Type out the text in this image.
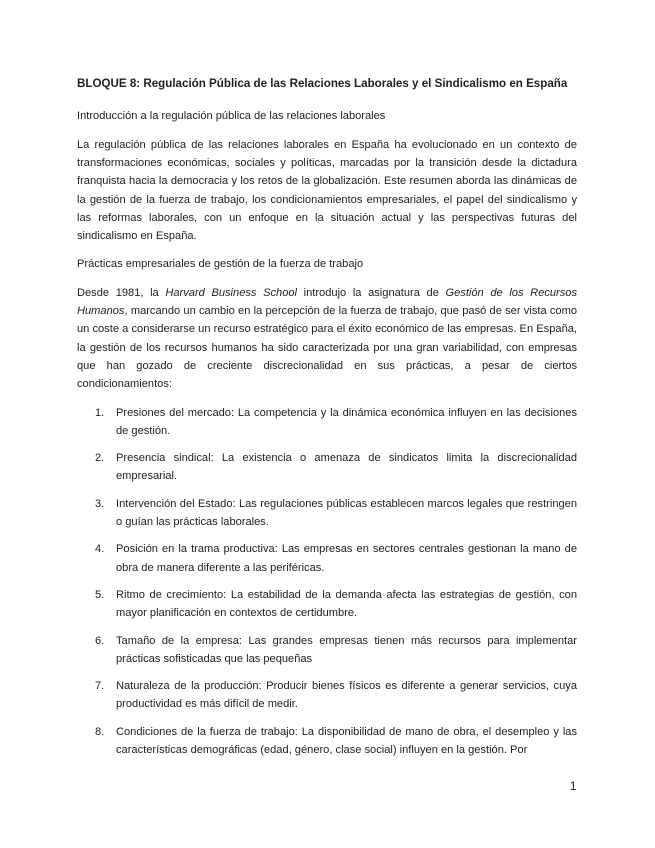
BLOQUE 8: Regulación Pública de las Relaciones Laborales y el Sindicalismo en España
Introducción a la regulación pública de las relaciones laborales

La regulación pública de las relaciones laborales en España ha evolucionado en un contexto de transformaciones económicas, sociales y políticas, marcadas por la transición desde la dictadura franquista hacia la democracia y los retos de la globalización. Este resumen aborda las dinámicas de la gestión de la fuerza de trabajo, los condicionamientos empresariales, el papel del sindicalismo y las reformas laborales, con un enfoque en la situación actual y las perspectivas futuras del sindicalismo en España.

Prácticas empresariales de gestión de la fuerza de trabajo

Desde 1981, la Harvard Business School introdujo la asignatura de Gestión de los Recursos Humanos, marcando un cambio en la percepción de la fuerza de trabajo, que pasó de ser vista como un coste a considerarse un recurso estratégico para el éxito económico de las empresas. En España, la gestión de los recursos humanos ha sido caracterizada por una gran variabilidad, con empresas que han gozado de creciente discrecionalidad en sus prácticas, a pesar de ciertos condicionamientos:

1. Presiones del mercado: La competencia y la dinámica económica influyen en las decisiones de gestión.
2. Presencia sindical: La existencia o amenaza de sindicatos limita la discrecionalidad empresarial.
3. Intervención del Estado: Las regulaciones públicas establecen marcos legales que restringen o guían las prácticas laborales.
4. Posición en la trama productiva: Las empresas en sectores centrales gestionan la mano de obra de manera diferente a las periféricas.
5. Ritmo de crecimiento: La estabilidad de la demanda afecta las estrategias de gestión, con mayor planificación en contextos de certidumbre.
6. Tamaño de la empresa: Las grandes empresas tienen más recursos para implementar prácticas sofisticadas que las pequeñas
7. Naturaleza de la producción: Producir bienes físicos es diferente a generar servicios, cuya productividad es más difícil de medir.
8. Condiciones de la fuerza de trabajo: La disponibilidad de mano de obra, el desempleo y las características demográficas (edad, género, clase social) influyen en la gestión. Por
1
